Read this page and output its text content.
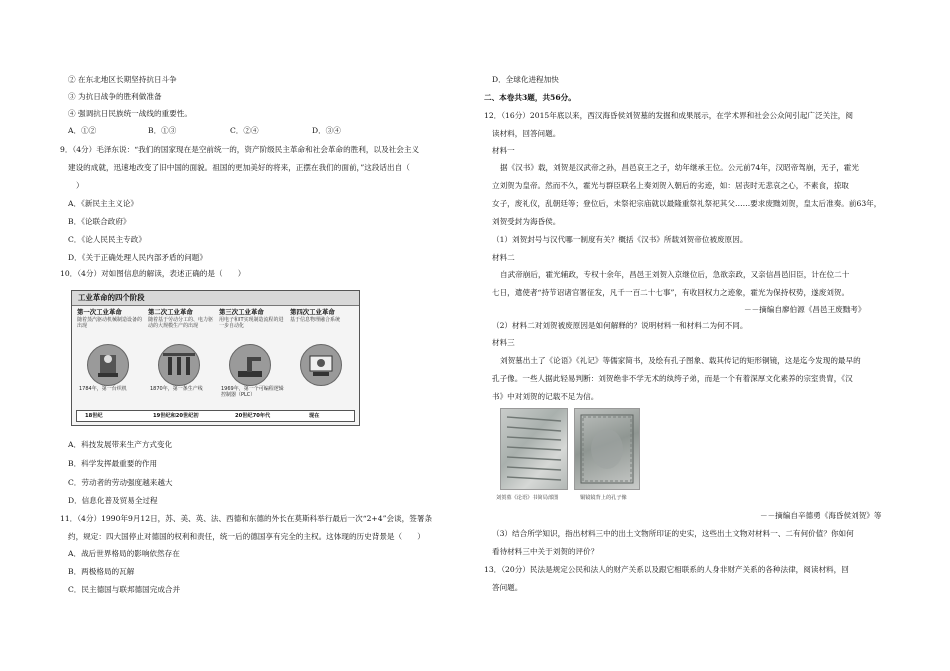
② 在东北地区长期坚持抗日斗争
③ 为抗日战争的胜利做准备
④ 强调抗日民族统一战线的重要性。
A．①②	B．①③	C．②④	D．③④
9．（4分）毛泽东说：“我们的国家现在是空前统一的，资产阶级民主革命和社会革命的胜利，以及社会主义
建设的成就，迅速地改变了旧中国的面貌。祖国的更加美好的将来，正摆在我们的面前，”这段话出自（
）
A．《新民主主义论》
B．《论联合政府》
C．《论人民民主专政》
D．《关于正确处理人民内部矛盾的问题》
10．（4分）对如图信息的解读，表述正确的是（　　）
工业革命的四个阶段
第一次工业革命
随着蒸汽驱动机械制造设备的出现
1784年，第一台织机
第二次工业革命
随着基于劳动分工的、电力驱动的大规模生产的出现
1870年，第一条生产线
第三次工业革命
用电子和IT实现制造流程的进一步自动化
1969年，第一个可编程逻辑控制器（PLC）
第四次工业革命
基于信息物理融合系统
18世纪	19世纪和20世纪初	20世纪70年代	现在
A．科技发展带来生产方式变化
B．科学发挥最重要的作用
C．劳动者的劳动强度越来越大
D．信息化普及贸易全过程
11．（4分）1990年9月12日，苏、美、英、法、西德和东德的外长在莫斯科举行最后一次“2+4”会谈，签署条
约，规定：四大国停止对德国的权利和责任，统一后的德国享有完全的主权。这体现的历史背景是（　　）
A．战后世界格局的影响依然存在
B．两极格局的瓦解
C．民主德国与联邦德国完成合并
D．全球化进程加快
二、本卷共3题，共56分。
12．（16分）2015年底以来，西汉海昏侯刘贺墓的发掘和成果展示，在学术界和社会公众间引起广泛关注，阅
读材料，回答问题。
材料一
据《汉书》载，刘贺是汉武帝之孙，昌邑哀王之子，幼年继承王位。公元前74年，汉昭帝驾崩，无子，霍光
立刘贺为皇帝。然而不久，霍光与群臣联名上奏刘贺入朝后的劣迹，如：居丧时无悲哀之心，不素食，掠取
女子，废礼仪，乱朝廷等；登位后，未祭祀宗庙就以最隆重祭礼祭祀其父……要求废黜刘贺，皇太后准奏。前63年，
刘贺受封为海昏侯。
（1）刘贺封号与汉代哪一制度有关？概括《汉书》所载刘贺帝位被废原因。
材料二
自武帝崩后，霍光辅政，专权十余年，昌邑王刘贺入京继位后，急欲亲政，又亲信昌邑旧臣，计在位二十
七日，遣使者“持节诏诸官署征发，凡千一百二十七事”，有收回权力之迹象，霍光为保持权势，遂废刘贺。
－－摘编自廖伯源《昌邑王废黜考》
（2）材料二对刘贺被废原因是如何解释的？说明材料一和材料二为何不同。
材料三
刘贺墓出土了《论语》《礼记》等儒家简书，及绘有孔子图象、载其传记的矩形铜镜，这是迄今发现的最早的
孔子像。一些人据此轻易判断：刘贺绝非不学无术的纨绔子弟，而是一个有着深厚文化素养的宗室贵胄，《汉
书》中对刘贺的记载不足为信。
刘贺墓《论语》书简局部图	铜镜镜背上的孔子像
－－摘编自辛德勇《海昏侯刘贺》等
（3）结合所学知识，指出材料三中的出土文物所印证的史实，这些出土文物对材料一、二有何价值？你如何
看待材料三中关于刘贺的评价？
13．（20分）民法是规定公民和法人的财产关系以及跟它相联系的人身非财产关系的各种法律，阅读材料，回
答问题。
